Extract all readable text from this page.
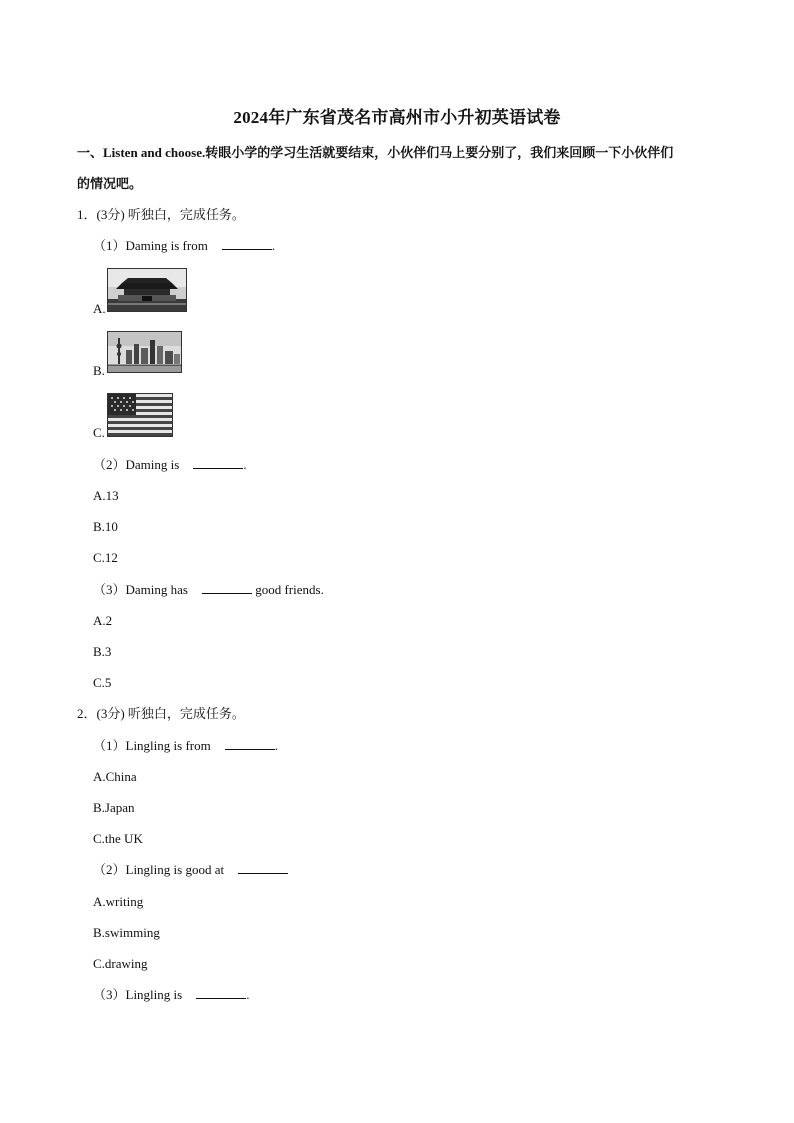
2024年广东省茂名市高州市小升初英语试卷
一、Listen and choose.转眼小学的学习生活就要结束，小伙伴们马上要分别了，我们来回顾一下小伙伴们
的情况吧。
1．(3分) 听独白，完成任务。
（1）Daming is from	.
A.
B.
C.
（2）Daming is	.
A.13
B.10
C.12
（3）Daming has	good friends.
A.2
B.3
C.5
2．(3分) 听独白，完成任务。
（1）Lingling is from	.
A.China
B.Japan
C.the UK
（2）Lingling is good at
A.writing
B.swimming
C.drawing
（3）Lingling is	.
